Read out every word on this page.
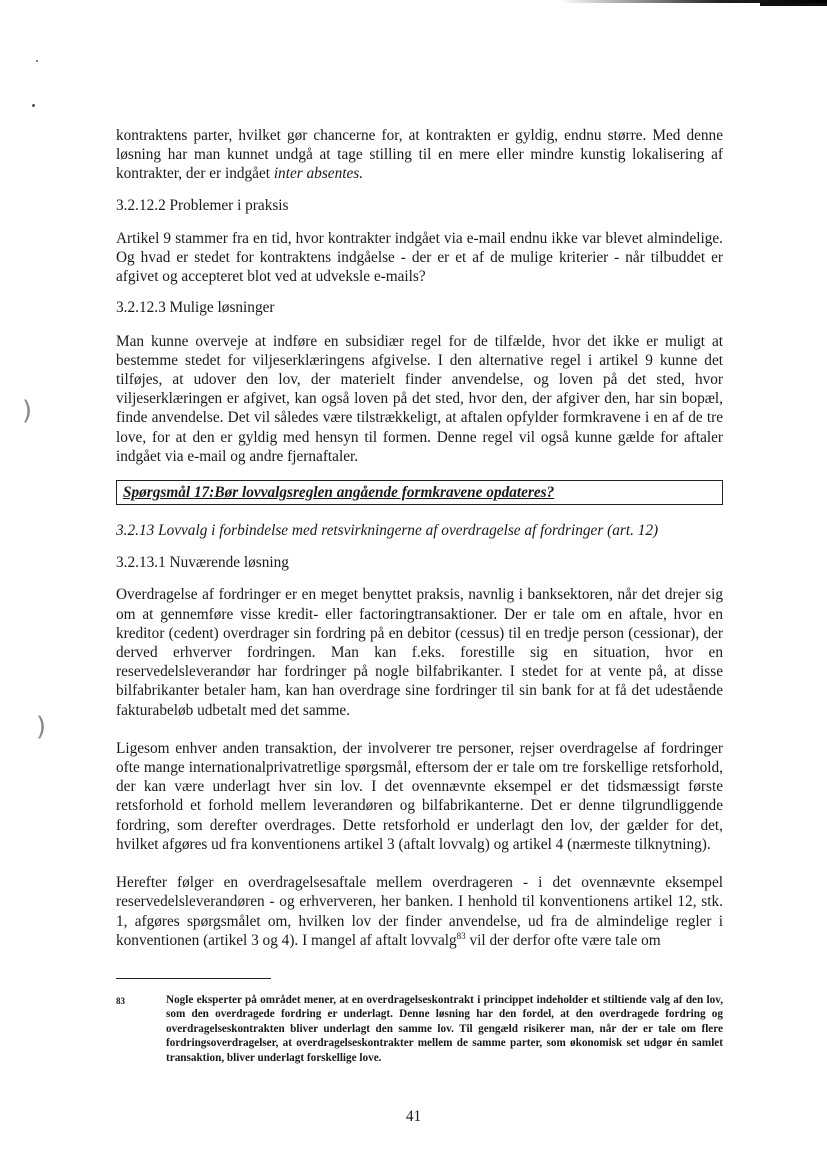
)
)

kontraktens parter, hvilket gør chancerne for, at kontrakten er gyldig, endnu større. Med denne løsning har man kunnet undgå at tage stilling til en mere eller mindre kunstig lokalisering af kontrakter, der er indgået inter absentes.

3.2.12.2 Problemer i praksis

Artikel 9 stammer fra en tid, hvor kontrakter indgået via e-mail endnu ikke var blevet almindelige. Og hvad er stedet for kontraktens indgåelse - der er et af de mulige kriterier - når tilbuddet er afgivet og accepteret blot ved at udveksle e-mails?

3.2.12.3 Mulige løsninger

Man kunne overveje at indføre en subsidiær regel for de tilfælde, hvor det ikke er muligt at bestemme stedet for viljeserklæringens afgivelse. I den alternative regel i artikel 9 kunne det tilføjes, at udover den lov, der materielt finder anvendelse, og loven på det sted, hvor viljeserklæringen er afgivet, kan også loven på det sted, hvor den, der afgiver den, har sin bopæl, finde anvendelse. Det vil således være tilstrækkeligt, at aftalen opfylder formkravene i en af de tre love, for at den er gyldig med hensyn til formen. Denne regel vil også kunne gælde for aftaler indgået via e-mail og andre fjernaftaler.

Spørgsmål 17:Bør lovvalgsreglen angående formkravene opdateres?

3.2.13 Lovvalg i forbindelse med retsvirkningerne af overdragelse af fordringer (art. 12)

3.2.13.1 Nuværende løsning

Overdragelse af fordringer er en meget benyttet praksis, navnlig i banksektoren, når det drejer sig om at gennemføre visse kredit- eller factoringtransaktioner. Der er tale om en aftale, hvor en kreditor (cedent) overdrager sin fordring på en debitor (cessus) til en tredje person (cessionar), der derved erhverver fordringen. Man kan f.eks. forestille sig en situation, hvor en reservedelsleverandør har fordringer på nogle bilfabrikanter. I stedet for at vente på, at disse bilfabrikanter betaler ham, kan han overdrage sine fordringer til sin bank for at få det udestående fakturabeløb udbetalt med det samme.

Ligesom enhver anden transaktion, der involverer tre personer, rejser overdragelse af fordringer ofte mange internationalprivatretlige spørgsmål, eftersom der er tale om tre forskellige retsforhold, der kan være underlagt hver sin lov. I det ovennævnte eksempel er det tidsmæssigt første retsforhold et forhold mellem leverandøren og bilfabrikanterne. Det er denne tilgrundliggende fordring, som derefter overdrages. Dette retsforhold er underlagt den lov, der gælder for det, hvilket afgøres ud fra konventionens artikel 3 (aftalt lovvalg) og artikel 4 (nærmeste tilknytning).

Herefter følger en overdragelsesaftale mellem overdrageren - i det ovennævnte eksempel reservedelsleverandøren - og erhververen, her banken. I henhold til konventionens artikel 12, stk. 1, afgøres spørgsmålet om, hvilken lov der finder anvendelse, ud fra de almindelige regler i konventionen (artikel 3 og 4). I mangel af aftalt lovvalg$^{83}$ vil der derfor ofte være tale om

83	Nogle eksperter på området mener, at en overdragelseskontrakt i princippet indeholder et stiltiende valg af den lov, som den overdragede fordring er underlagt. Denne løsning har den fordel, at den overdragede fordring og overdragelseskontrakten bliver underlagt den samme lov. Til gengæld risikerer man, når der er tale om flere fordringsoverdragelser, at overdragelseskontrakter mellem de samme parter, som økonomisk set udgør én samlet transaktion, bliver underlagt forskellige love.
41
